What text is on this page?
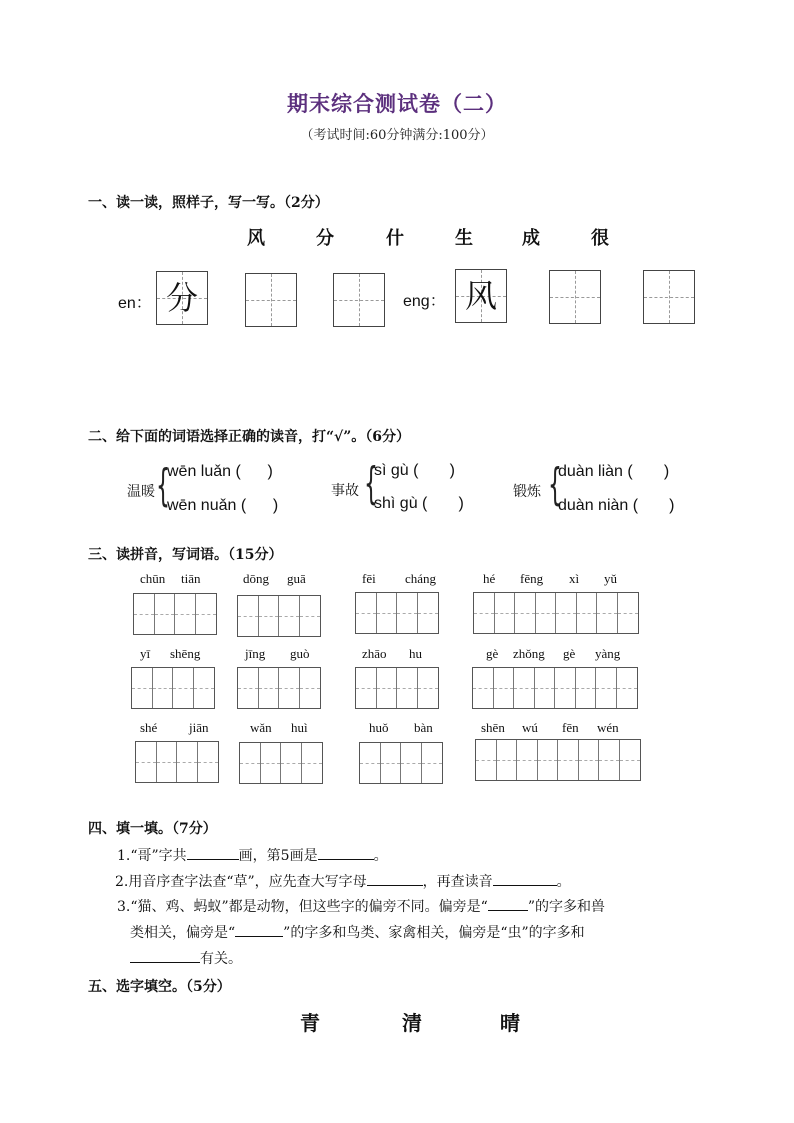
期末综合测试卷（二）
（考试时间:60分钟满分:100分）
一、读一读，照样子，写一写。（2分）
风	分	什	生	成	很
en： 分	eng： 风
二、给下面的词语选择正确的读音，打“√”。（6分）
温暖 {
wēn luǎn (      )
wēn nuǎn (      )
事故 {
sì gù (       )
shì gù (       )
锻炼 {
duàn liàn (       )
duàn niàn (       )
三、读拼音，写词语。（15分）
chūn tiān	dōng guā	fēi cháng	hé fēng xì yǔ
yī shēng	jīng guò	zhāo hu	gè zhǒng gè yàng
shé jiān	wǎn huì	huǒ bàn	shēn wú fēn wén
四、填一填。（7分）
1.“哥”字共	画，第5画是	。
2.用音序查字法查“草”，应先查大写字母	，再查读音	。
3.“猫、鸡、蚂蚁”都是动物，但这些字的偏旁不同。偏旁是“	”的字多和兽
类相关，偏旁是“	”的字多和鸟类、家禽相关，偏旁是“虫”的字多和
有关。
五、选字填空。（5分）
青	清	晴
